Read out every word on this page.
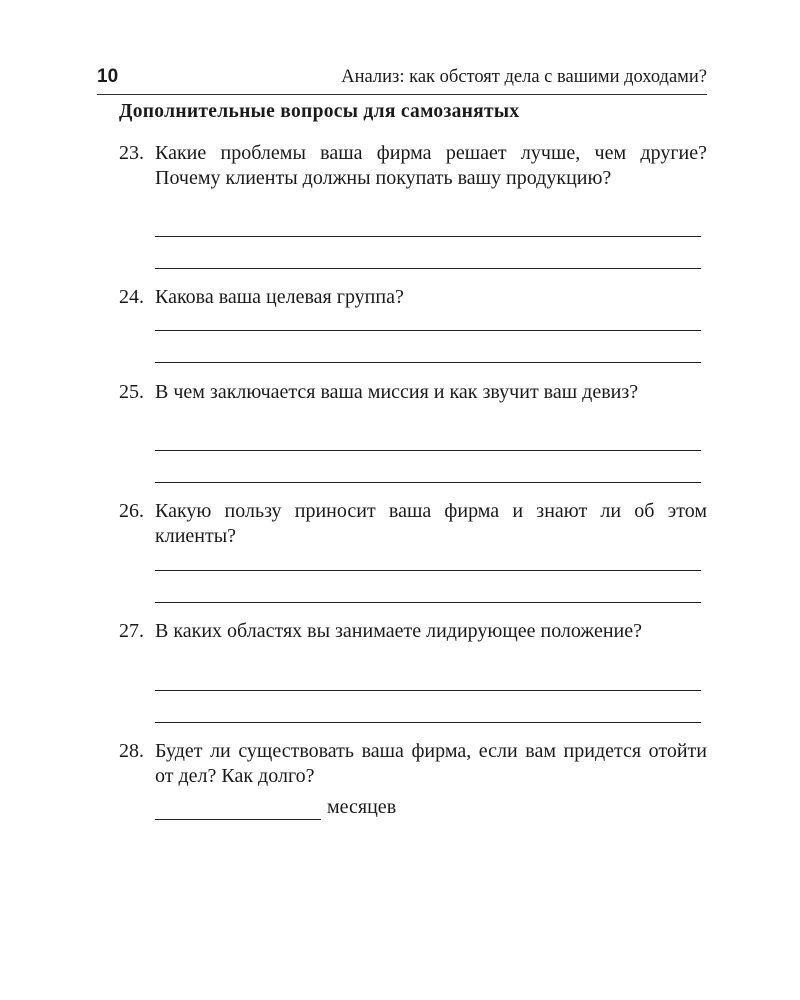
10	Анализ: как обстоят дела с вашими доходами?
Дополнительные вопросы для самозанятых
23. Какие проблемы ваша фирма решает лучше, чем другие? Почему клиенты должны покупать вашу продукцию?
24. Какова ваша целевая группа?
25. В чем заключается ваша миссия и как звучит ваш девиз?
26. Какую пользу приносит ваша фирма и знают ли об этом клиенты?
27. В каких областях вы занимаете лидирующее положение?
28. Будет ли существовать ваша фирма, если вам придется отойти от дел? Как долго?
месяцев
